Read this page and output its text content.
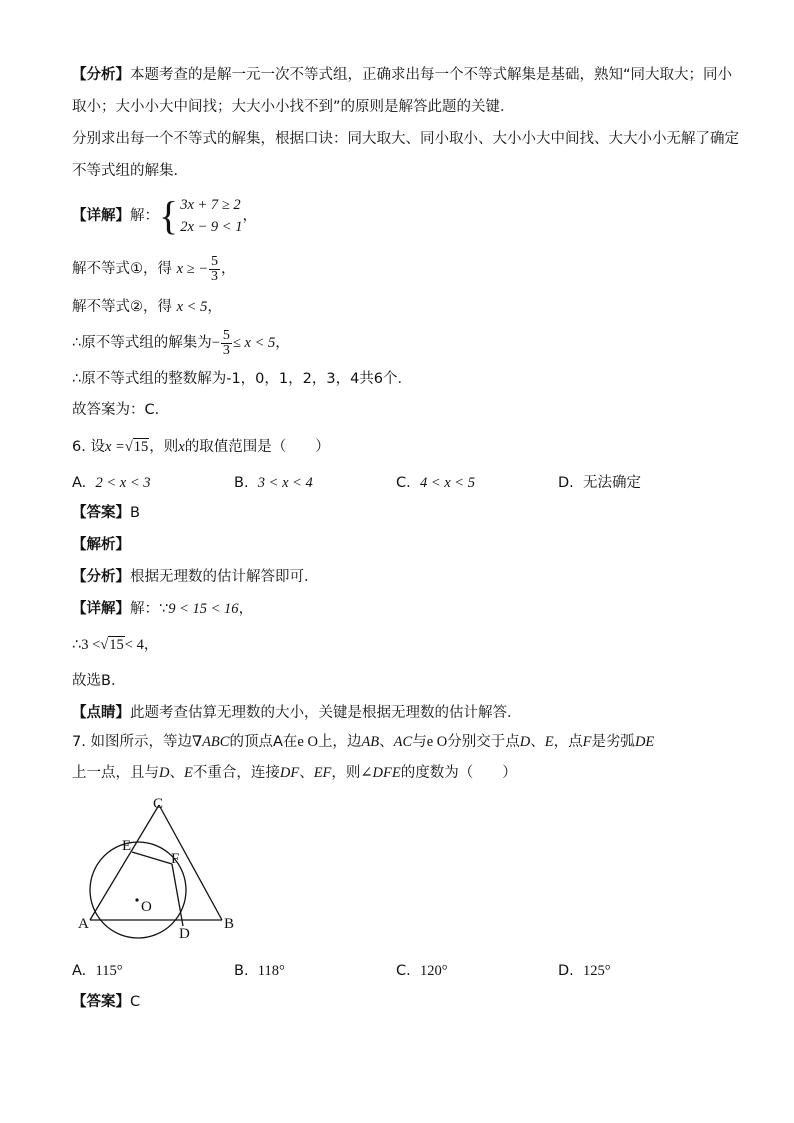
【分析】本题考查的是解一元一次不等式组，正确求出每一个不等式解集是基础，熟知“同大取大；同小
取小；大小小大中间找；大大小小找不到”的原则是解答此题的关键．
分别求出每一个不等式的解集，根据口诀：同大取大、同小取小、大小小大中间找、大大小小无解了确定
不等式组的解集．
【详解】解：{ 3x + 7 ≥ 2
2x − 9 < 1
，
解不等式①，得 x ≥ − $\frac{5}{3}$ ，
解不等式②，得 x < 5，
∴原不等式组的解集为− $\frac{5}{3} \le x < 5$，
∴原不等式组的整数解为-1，0，1，2，3，4共6个．
故答案为：C．
6. 设x =√15，则x的取值范围是（　　）
A. 2 < x < 3	B. 3 < x < 4	C. 4 < x < 5	D. 无法确定
【答案】B
【解析】
【分析】根据无理数的估计解答即可．
【详解】解：∵9 < 15 < 16，
∴3 <√15< 4，
故选B．
【点睛】此题考查估算无理数的大小，关键是根据无理数的估计解答．
7. 如图所示，等边∇ABC的顶点A在e O上，边AB、AC与e O分别交于点D、E，点F是劣弧DE
上一点，且与D、E不重合，连接DF、EF，则∠DFE的度数为（　　）
C
E
F
O
A	B
D
A. 115°	B. 118°	C. 120°	D. 125°
【答案】C
